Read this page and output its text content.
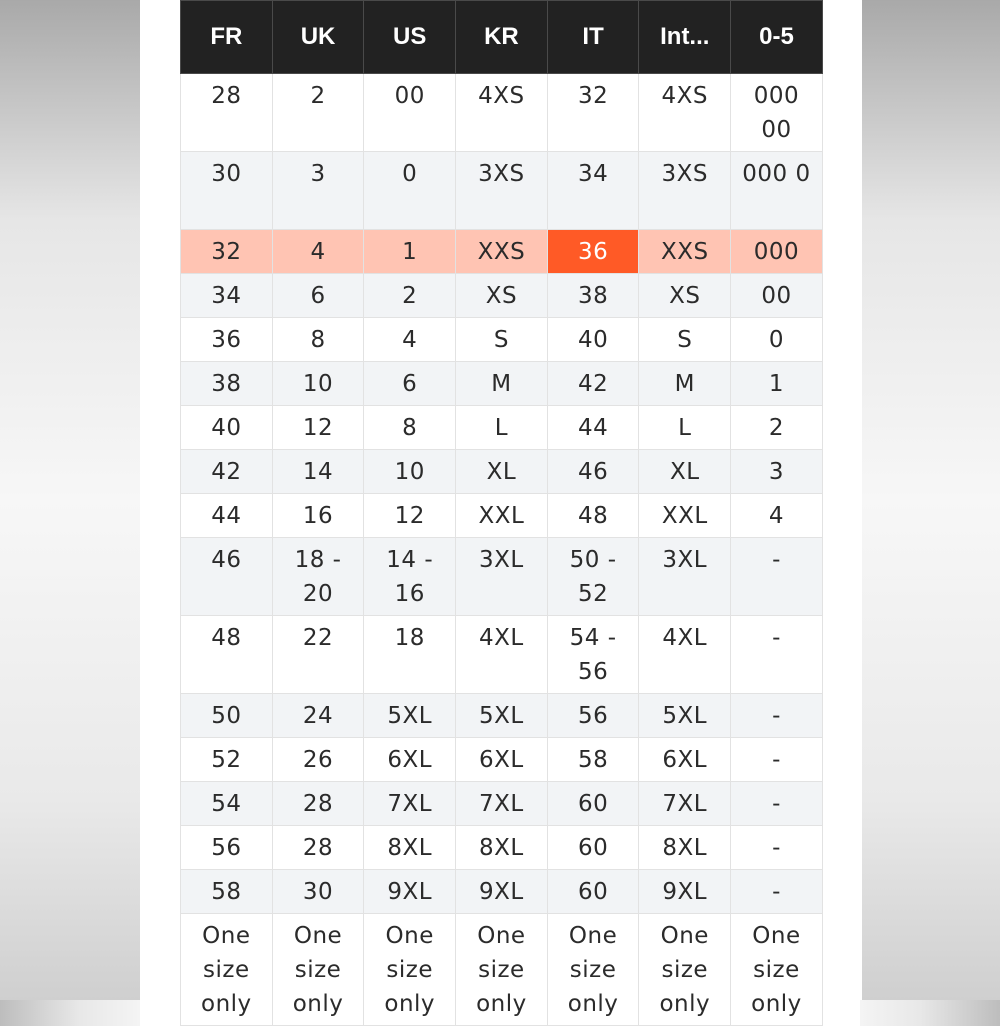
FR	UK	US	KR	IT	Int...	0-5
28	2	00	4XS	32	4XS	000 00
30	3	0	3XS	34	3XS	000 0
32	4	1	XXS	36	XXS	000
34	6	2	XS	38	XS	00
36	8	4	S	40	S	0
38	10	6	M	42	M	1
40	12	8	L	44	L	2
42	14	10	XL	46	XL	3
44	16	12	XXL	48	XXL	4
46	18 - 20	14 - 16	3XL	50 - 52	3XL	-
48	22	18	4XL	54 - 56	4XL	-
50	24	5XL	5XL	56	5XL	-
52	26	6XL	6XL	58	6XL	-
54	28	7XL	7XL	60	7XL	-
56	28	8XL	8XL	60	8XL	-
58	30	9XL	9XL	60	9XL	-
One size only	One size only	One size only	One size only	One size only	One size only	One size only
